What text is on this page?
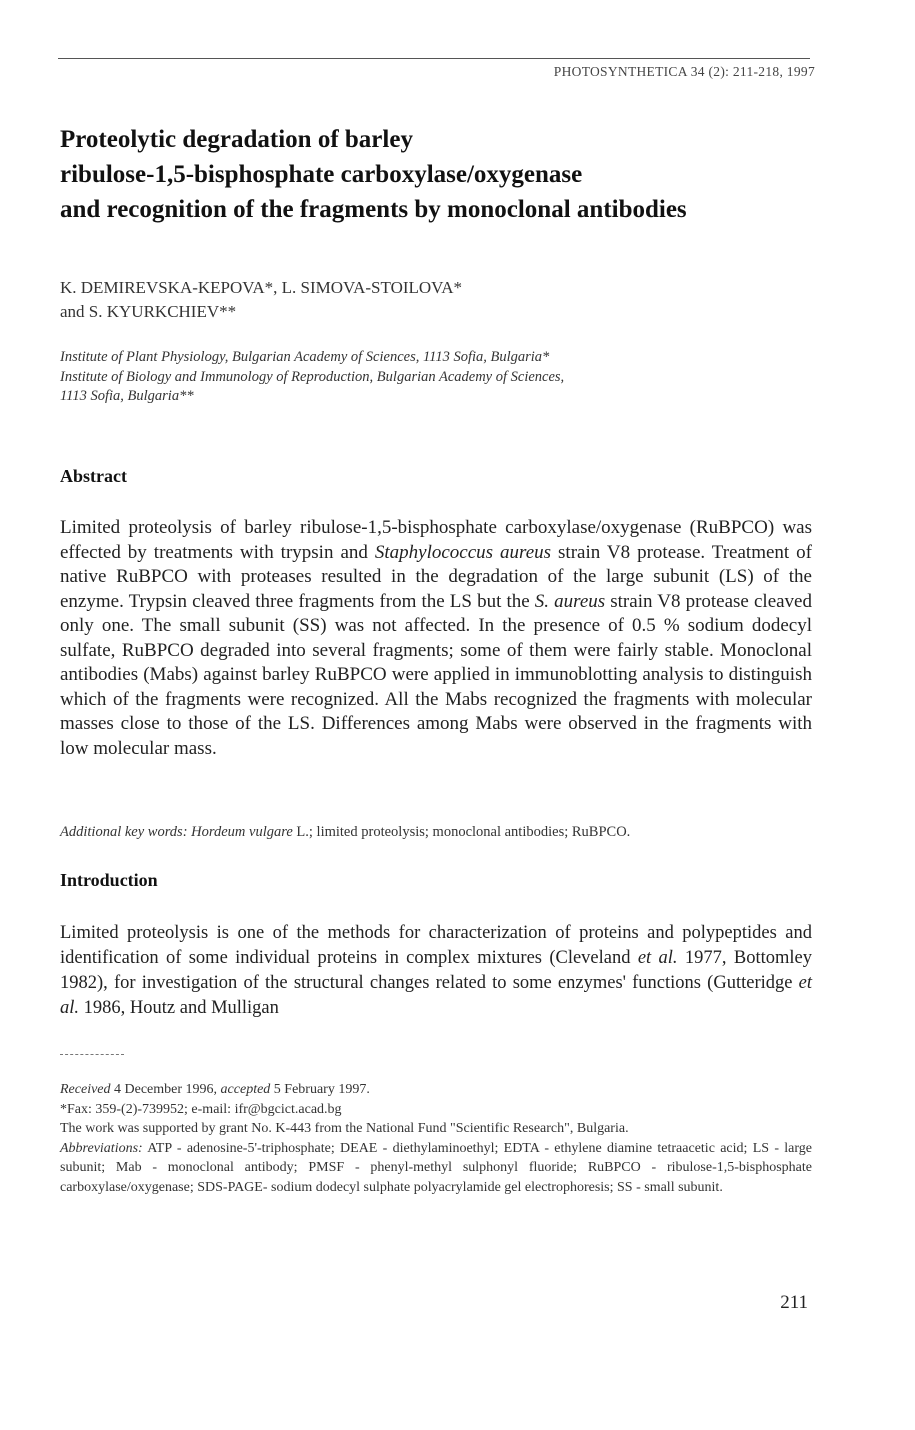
PHOTOSYNTHETICA 34 (2): 211-218, 1997
Proteolytic degradation of barley
ribulose-1,5-bisphosphate carboxylase/oxygenase
and recognition of the fragments by monoclonal antibodies
K. DEMIREVSKA-KEPOVA*, L. SIMOVA-STOILOVA*
and S. KYURKCHIEV**
Institute of Plant Physiology, Bulgarian Academy of Sciences, 1113 Sofia, Bulgaria*
Institute of Biology and Immunology of Reproduction, Bulgarian Academy of Sciences,
1113 Sofia, Bulgaria**
Abstract
Limited proteolysis of barley ribulose-1,5-bisphosphate carboxylase/oxygenase (RuBPCO) was effected by treatments with trypsin and Staphylococcus aureus strain V8 protease. Treatment of native RuBPCO with proteases resulted in the degradation of the large subunit (LS) of the enzyme. Trypsin cleaved three fragments from the LS but the S. aureus strain V8 protease cleaved only one. The small subunit (SS) was not affected. In the presence of 0.5 % sodium dodecyl sulfate, RuBPCO degraded into several fragments; some of them were fairly stable. Monoclonal antibodies (Mabs) against barley RuBPCO were applied in immunoblotting analysis to distinguish which of the fragments were recognized. All the Mabs recognized the fragments with molecular masses close to those of the LS. Differences among Mabs were observed in the fragments with low molecular mass.
Additional key words: Hordeum vulgare L.; limited proteolysis; monoclonal antibodies; RuBPCO.
Introduction
Limited proteolysis is one of the methods for characterization of proteins and polypeptides and identification of some individual proteins in complex mixtures (Cleveland et al. 1977, Bottomley 1982), for investigation of the structural changes related to some enzymes' functions (Gutteridge et al. 1986, Houtz and Mulligan

Received 4 December 1996, accepted 5 February 1997.

*Fax: 359-(2)-739952; e-mail: ifr@bgcict.acad.bg

The work was supported by grant No. K-443 from the National Fund "Scientific Research", Bulgaria.

Abbreviations: ATP - adenosine-5'-triphosphate; DEAE - diethylaminoethyl; EDTA - ethylene diamine tetraacetic acid; LS - large subunit; Mab - monoclonal antibody; PMSF - phenyl-methyl sulphonyl fluoride; RuBPCO - ribulose-1,5-bisphosphate carboxylase/oxygenase; SDS-PAGE- sodium dodecyl sulphate polyacrylamide gel electrophoresis; SS - small subunit.

211
